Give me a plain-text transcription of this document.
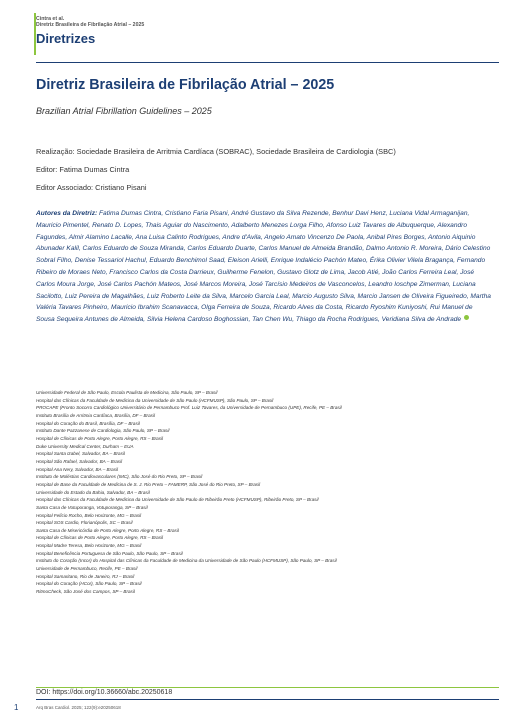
Cintra et al.
Diretriz Brasileira de Fibrilação Atrial – 2025
Diretrizes
Diretriz Brasileira de Fibrilação Atrial – 2025
Brazilian Atrial Fibrillation Guidelines – 2025
Realização: Sociedade Brasileira de Arritmia Cardíaca (SOBRAC), Sociedade Brasileira de Cardiologia (SBC)
Editor: Fatima Dumas Cintra
Editor Associado: Cristiano Pisani
Autores da Diretriz: Fatima Dumas Cintra, Cristiano Faria Pisani, André Gustavo da Silva Rezende, Benhur Davi Henz, Luciana Vidal Armaganijan, Mauricio Pimentel, Renato D. Lopes, Thais Aguiar do Nascimento, Adalberto Menezes Lorga Filho, Afonso Luiz Tavares de Albuquerque, Alexandro Fagundes, Almir Alamino Lacalle, Ana Luisa Calinto Rodrigues, Andre d'Avila, Angelo Amato Vincenzo De Paola, Anibal Pires Borges, Antonio Aiquinio Abunader Kalil, Carlos Eduardo de Souza Miranda, Carlos Eduardo Duarte, Carlos Manuel de Almeida Brandão, Dalmo Antonio R. Moreira, Dário Celestino Sobral Filho, Denise Tessariol Hachul, Eduardo Benchimol Saad, Eleison Arielli, Enrique Indalécio Pachón Mateo, Érika Olivier Vilela Bragança, Fernando Ribeiro de Moraes Neto, Francisco Carlos da Costa Darrieux, Guilherme Fenelon, Gustavo Glotz de Lima, Jacob Atié, João Carlos Ferreira Leal, José Carlos Moura Jorge, José Carlos Pachón Mateos, José Marcos Moreira, José Tarcísio Medeiros de Vasconcelos, Leandro Ioschpe Zimerman, Luciana Sacilotto, Luiz Pereira de Magalhães, Luiz Roberto Leite da Silva, Marcelo Garcia Leal, Marcio Augusto Silva, Marcio Jansen de Oliveira Figueiredo, Martha Valéria Tavares Pinheiro, Mauricio Ibrahim Scanavacca, Olga Ferreira de Souza, Ricardo Alves da Costa, Ricardo Ryoshim Kuniyoshi, Rui Manuel de Sousa Sequeira Antunes de Almeida, Silvia Helena Cardoso Boghossian, Tan Chen Wu, Thiago da Rocha Rodrigues, Veridiana Silva de Andrade
Universidade Federal de São Paulo, Escola Paulista de Medicina, São Paulo, SP – Brasil
Hospital das Clínicas da Faculdade de Medicina da Universidade de São Paulo (HCFMUSP), São Paulo, SP – Brasil
PROCAPE (Pronto Socorro Cardiológico Universitário de Pernambuco Prof. Luiz Tavares, da Universidade de Pernambuco (UPE), Recife, PE – Brasil
Instituto Brasília de Arritmia Cardíaca, Brasília, DF – Brasil
Hospital do Coração do Brasil, Brasília, DF – Brasil
Instituto Dante Pazzanese de Cardiologia, São Paulo, SP – Brasil
Hospital de Clínicas de Porto Alegre, Porto Alegre, RS – Brasil
Duke University Medical Center, Durham – EUA
Hospital Santa Izabel, Salvador, BA – Brasil
Hospital São Rafael, Salvador, BA – Brasil
Hospital Ana Nery, Salvador, BA – Brasil
Instituto de Moléstias Cardiovasculares (IMC), São José do Rio Preto, SP – Brasil
Hospital de Base da Faculdade de Medicina de S. J. Rio Preto – FAMERP, São José do Rio Preto, SP – Brasil
Universidade do Estado da Bahia, Salvador, BA – Brasil
Hospital das Clínicas da Faculdade de Medicina da Universidade de São Paulo de Ribeirão Preto (HCFMUSP), Ribeirão Preto, SP – Brasil
Santa Casa de Votuporanga, Votuporanga, SP – Brasil
Hospital Felício Rocho, Belo Horizonte, MG – Brasil
Hospital SOS Cardio, Florianópolis, SC – Brasil
Santa Casa de Misericórdia de Porto Alegre, Porto Alegre, RS – Brasil
Hospital de Clínicas de Porto Alegre, Porto Alegre, RS – Brasil
Hospital Madre Teresa, Belo Horizonte, MG – Brasil
Hospital Beneficência Portuguesa de São Paulo, São Paulo, SP – Brasil
Instituto do Coração (Incor) do Hospital das Clínicas da Faculdade de Medicina da Universidade de São Paulo (HCFMUSP), São Paulo, SP – Brasil
Universidade de Pernambuco, Recife, PE – Brasil
Hospital Samaritano, Rio de Janeiro, RJ – Brasil
Hospital do Coração (HCor), São Paulo, SP – Brasil
RitmoCheck, São José dos Campos, SP – Brasil
DOI: https://doi.org/10.36660/abc.20250618
1	Arq Bras Cardiol. 2025; 122(9):e20250618
